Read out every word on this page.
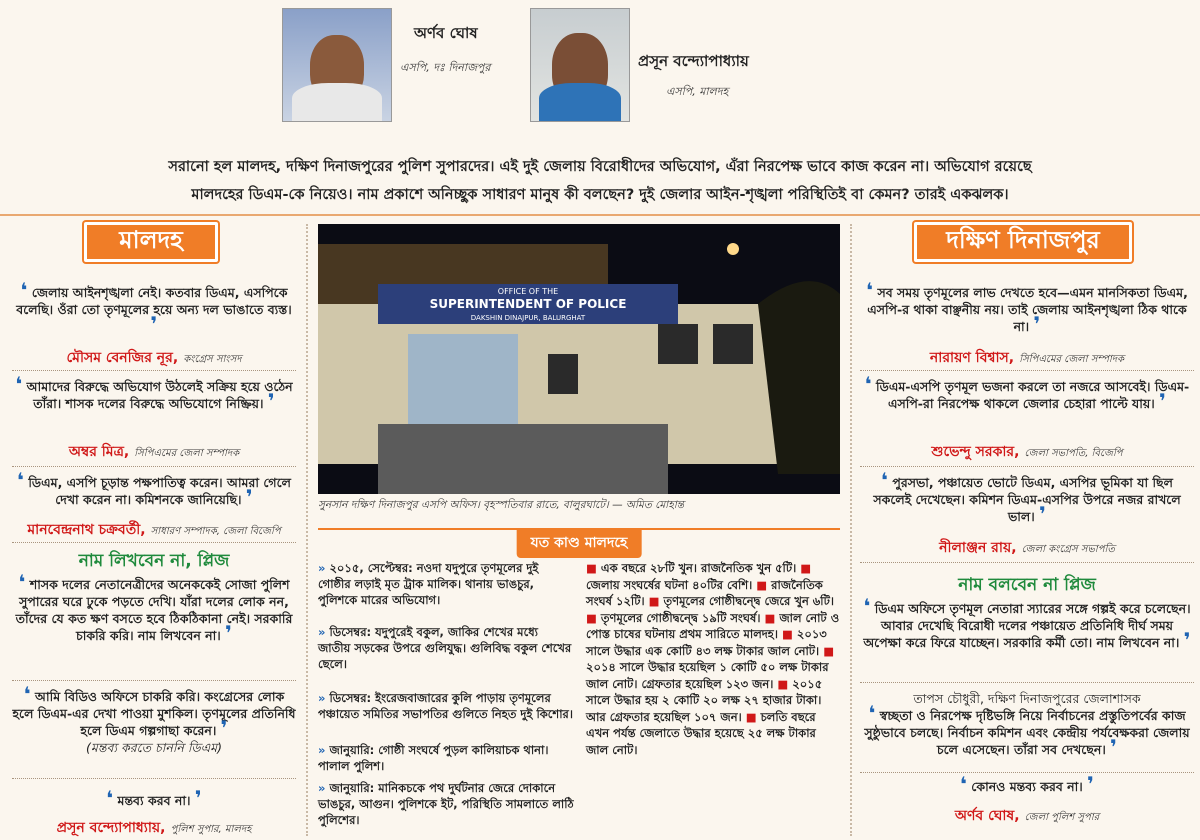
অর্ণব ঘোষ
এসপি, দঃ দিনাজপুর	প্রসূন বন্দ্যোপাধ্যায়
এসপি, মালদহ
সরানো হল মালদহ, দক্ষিণ দিনাজপুরের পুলিশ সুপারদের। এই দুই জেলায় বিরোধীদের অভিযোগ, এঁরা নিরপেক্ষ ভাবে কাজ করেন না। অভিযোগ রয়েছে
মালদহের ডিএম-কে নিয়েও। নাম প্রকাশে অনিচ্ছুক সাধারণ মানুষ কী বলছেন? দুই জেলার আইন-শৃঙ্খলা পরিস্থিতিই বা কেমন? তারই একঝলক।
মালদহ
❛ জেলায় আইনশৃঙ্খলা নেই। কতবার ডিএম, এসপিকে বলেছি। ওঁরা তো তৃণমূলের হয়ে অন্য দল ভাঙাতে ব্যস্ত। ❜
মৌসম বেনজির নূর, কংগ্রেস সাংসদ
❛ আমাদের বিরুদ্ধে অভিযোগ উঠলেই সক্রিয় হয়ে ওঠেন তাঁরা। শাসক দলের বিরুদ্ধে অভিযোগে নিষ্ক্রিয়। ❜
অম্বর মিত্র, সিপিএমের জেলা সম্পাদক
❛ ডিএম, এসপি চূড়ান্ত পক্ষপাতিত্ব করেন। আমরা গেলে দেখা করেন না। কমিশনকে জানিয়েছি। ❜
মানবেন্দ্রনাথ চক্রবর্তী, সাধারণ সম্পাদক, জেলা বিজেপি
নাম লিখবেন না, প্লিজ
❛ শাসক দলের নেতানেত্রীদের অনেককেই সোজা পুলিশ সুপারের ঘরে ঢুকে পড়তে দেখি। যাঁরা দলের লোক নন, তাঁদের যে কত ক্ষণ বসতে হবে ঠিকঠিকানা নেই। সরকারি চাকরি করি। নাম লিখবেন না। ❜
❛ আমি বিডিও অফিসে চাকরি করি। কংগ্রেসের লোক হলে ডিএম-এর দেখা পাওয়া মুশকিল। তৃণমূলের প্রতিনিধি হলে ডিএম গল্পগাছা করেন। ❜
(মন্তব্য করতে চাননি ডিএম)
❛ মন্তব্য করব না। ❜
প্রসূন বন্দ্যোপাধ্যায়, পুলিশ সুপার, মালদহ
OFFICE OF THE
SUPERINTENDENT OF POLICE
DAKSHIN DINAJPUR, BALURGHAT
সুনসান দক্ষিণ দিনাজপুর এসপি অফিস। বৃহস্পতিবার রাতে, বালুরঘাটে। — অমিত মোহান্ত
যত কাণ্ড মালদহে
» ২০১৫, সেপ্টেম্বর: নওদা যদুপুরে তৃণমূলের দুই গোষ্ঠীর লড়াই মৃত ট্রাক মালিক। থানায় ভাঙচুর, পুলিশকে মারের অভিযোগ।
» ডিসেম্বর: যদুপুরেই বকুল, জাকির শেখের মধ্যে জাতীয় সড়কের উপরে গুলিযুদ্ধ। গুলিবিদ্ধ বকুল শেখের ছেলে।
» ডিসেম্বর: ইংরেজবাজারের কুলি পাড়ায় তৃণমূলের পঞ্চায়েত সমিতির সভাপতির গুলিতে নিহত দুই কিশোর।
» জানুয়ারি: গোষ্ঠী সংঘর্ষে পুড়ল কালিয়াচক থানা। পালাল পুলিশ।
» জানুয়ারি: মানিকচকে পথ দুর্ঘটনার জেরে দোকানে ভাঙচুর, আগুন। পুলিশকে ইট, পরিস্থিতি সামলাতে লাঠি পুলিশের।
■ এক বছরে ২৮টি খুন। রাজনৈতিক খুন ৫টি। ■ জেলায় সংঘর্ষের ঘটনা ৪০টির বেশি। ■ রাজনৈতিক সংঘর্ষ ১২টি। ■ তৃণমূলের গোষ্ঠীদ্বন্দ্বে জেরে খুন ৬টি। ■ তৃণমূলের গোষ্ঠীদ্বন্দ্বে ১৯টি সংঘর্ষ। ■ জাল নোট ও পোস্ত চাষের ঘটনায় প্রথম সারিতে মালদহ। ■ ২০১৩ সালে উদ্ধার এক কোটি ৪৩ লক্ষ টাকার জাল নোট। ■ ২০১৪ সালে উদ্ধার হয়েছিল ১ কোটি ৫০ লক্ষ টাকার জাল নোট। গ্রেফতার হয়েছিল ১২৩ জন। ■ ২০১৫ সালে উদ্ধার হয় ২ কোটি ২০ লক্ষ ২৭ হাজার টাকা। আর গ্রেফতার হয়েছিল ১০৭ জন। ■ চলতি বছরে এখন পর্যন্ত জেলাতে উদ্ধার হয়েছে ২৫ লক্ষ টাকার জাল নোট।
দক্ষিণ দিনাজপুর
❛ সব সময় তৃণমূলের লাভ দেখতে হবে—এমন মানসিকতা ডিএম, এসপি-র থাকা বাঞ্ছনীয় নয়। তাই জেলায় আইনশৃঙ্খলা ঠিক থাকে না। ❜
নারায়ণ বিশ্বাস, সিপিএমের জেলা সম্পাদক
❛ ডিএম-এসপি তৃণমূল ভজনা করলে তা নজরে আসবেই। ডিএম-এসপি-রা নিরপেক্ষ থাকলে জেলার চেহারা পাল্টে যায়। ❜
শুভেন্দু সরকার, জেলা সভাপতি, বিজেপি
❛ পুরসভা, পঞ্চায়েত ভোটে ডিএম, এসপির ভূমিকা যা ছিল সকলেই দেখেছেন। কমিশন ডিএম-এসপির উপরে নজর রাখলে ভাল। ❜
নীলাঞ্জন রায়, জেলা কংগ্রেস সভাপতি
নাম বলবেন না প্লিজ
❛ ডিএম অফিসে তৃণমূল নেতারা স্যারের সঙ্গে গল্পই করে চলেছেন। আবার দেখেছি বিরোধী দলের পঞ্চায়েত প্রতিনিধি দীর্ঘ সময় অপেক্ষা করে ফিরে যাচ্ছেন। সরকারি কর্মী তো। নাম লিখবেন না। ❜
তাপস চৌধুরী, দক্ষিণ দিনাজপুরের জেলাশাসক
❛ স্বচ্ছতা ও নিরপেক্ষ দৃষ্টিভঙ্গি নিয়ে নির্বাচনের প্রস্তুতিপর্বের কাজ সুষ্ঠুভাবে চলছে। নির্বাচন কমিশন এবং কেন্দ্রীয় পর্যবেক্ষকরা জেলায় চলে এসেছেন। তাঁরা সব দেখছেন। ❜
❛ কোনও মন্তব্য করব না। ❜
অর্ণব ঘোষ, জেলা পুলিশ সুপার
